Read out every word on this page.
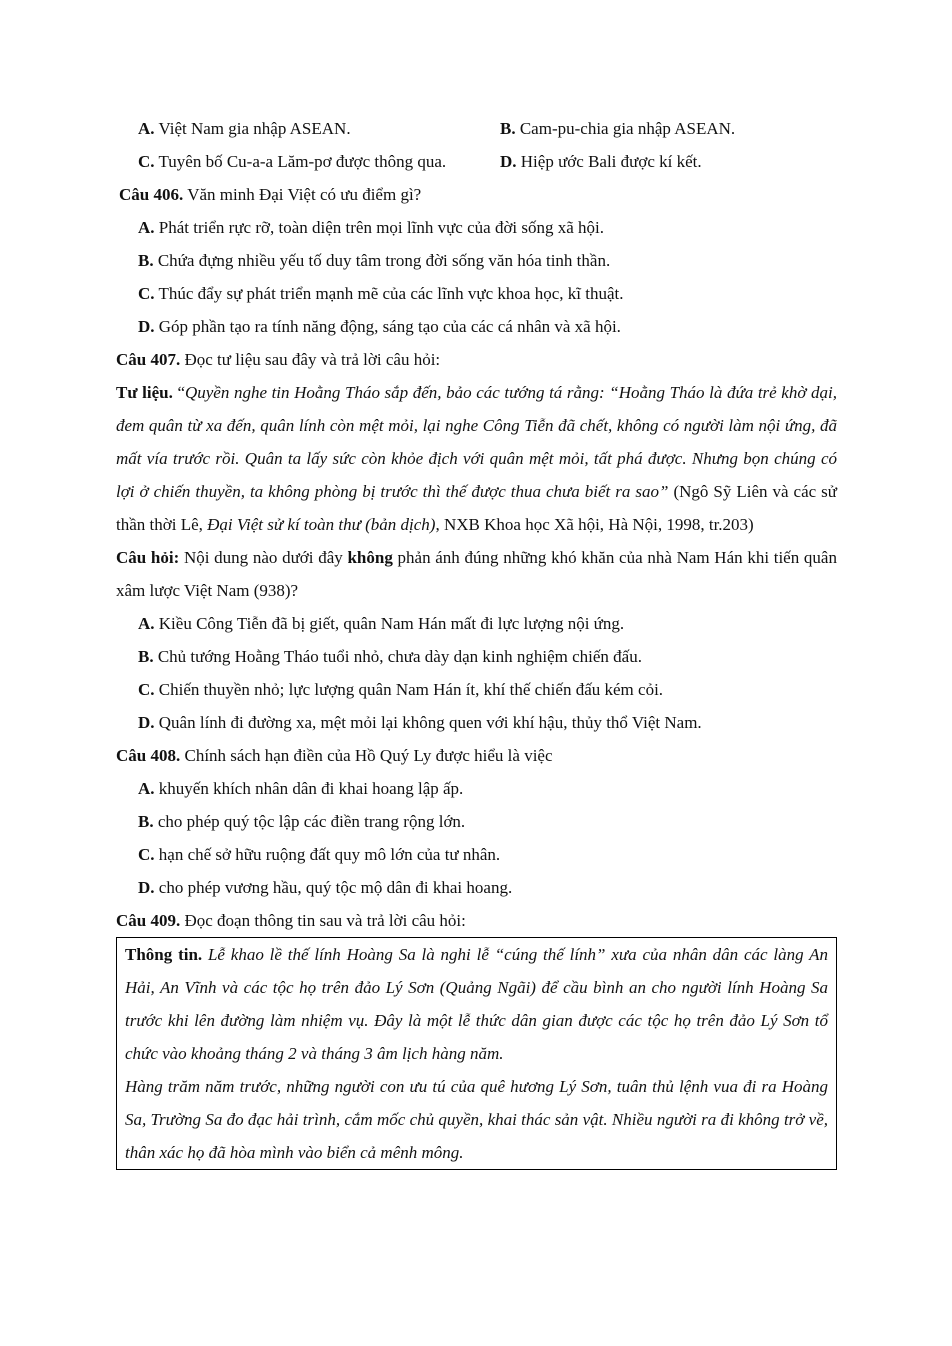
A. Việt Nam gia nhập ASEAN.	B. Cam-pu-chia gia nhập ASEAN.
C. Tuyên bố Cu-a-a Lăm-pơ được thông qua.	D. Hiệp ước Bali được kí kết.
Câu 406. Văn minh Đại Việt có ưu điểm gì?
A. Phát triển rực rỡ, toàn diện trên mọi lĩnh vực của đời sống xã hội.
B. Chứa đựng nhiều yếu tố duy tâm trong đời sống văn hóa tinh thần.
C. Thúc đẩy sự phát triển mạnh mẽ của các lĩnh vực khoa học, kĩ thuật.
D. Góp phần tạo ra tính năng động, sáng tạo của các cá nhân và xã hội.
Câu 407. Đọc tư liệu sau đây và trả lời câu hỏi:
Tư liệu. “Quyền nghe tin Hoằng Tháo sắp đến, bảo các tướng tá rằng: “Hoằng Tháo là đứa trẻ khờ dại, đem quân từ xa đến, quân lính còn mệt mỏi, lại nghe Công Tiễn đã chết, không có người làm nội ứng, đã mất vía trước rồi. Quân ta lấy sức còn khỏe địch với quân mệt mỏi, tất phá được. Nhưng bọn chúng có lợi ở chiến thuyền, ta không phòng bị trước thì thế được thua chưa biết ra sao” (Ngô Sỹ Liên và các sử thần thời Lê, Đại Việt sử kí toàn thư (bản dịch), NXB Khoa học Xã hội, Hà Nội, 1998, tr.203)
Câu hỏi: Nội dung nào dưới đây không phản ánh đúng những khó khăn của nhà Nam Hán khi tiến quân xâm lược Việt Nam (938)?
A. Kiều Công Tiễn đã bị giết, quân Nam Hán mất đi lực lượng nội ứng.
B. Chủ tướng Hoằng Tháo tuổi nhỏ, chưa dày dạn kinh nghiệm chiến đấu.
C. Chiến thuyền nhỏ; lực lượng quân Nam Hán ít, khí thế chiến đấu kém cỏi.
D. Quân lính đi đường xa, mệt mỏi lại không quen với khí hậu, thủy thổ Việt Nam.
Câu 408. Chính sách hạn điền của Hồ Quý Ly được hiểu là việc
A. khuyến khích nhân dân đi khai hoang lập ấp.
B. cho phép quý tộc lập các điền trang rộng lớn.
C. hạn chế sở hữu ruộng đất quy mô lớn của tư nhân.
D. cho phép vương hầu, quý tộc mộ dân đi khai hoang.
Câu 409. Đọc đoạn thông tin sau và trả lời câu hỏi:
Thông tin. Lễ khao lề thế lính Hoàng Sa là nghi lễ “cúng thế lính” xưa của nhân dân các làng An Hải, An Vĩnh và các tộc họ trên đảo Lý Sơn (Quảng Ngãi) để cầu bình an cho người lính Hoàng Sa trước khi lên đường làm nhiệm vụ. Đây là một lễ thức dân gian được các tộc họ trên đảo Lý Sơn tổ chức vào khoảng tháng 2 và tháng 3 âm lịch hàng năm.
Hàng trăm năm trước, những người con ưu tú của quê hương Lý Sơn, tuân thủ lệnh vua đi ra Hoàng Sa, Trường Sa đo đạc hải trình, cắm mốc chủ quyền, khai thác sản vật. Nhiều người ra đi không trở về, thân xác họ đã hòa mình vào biển cả mênh mông.
